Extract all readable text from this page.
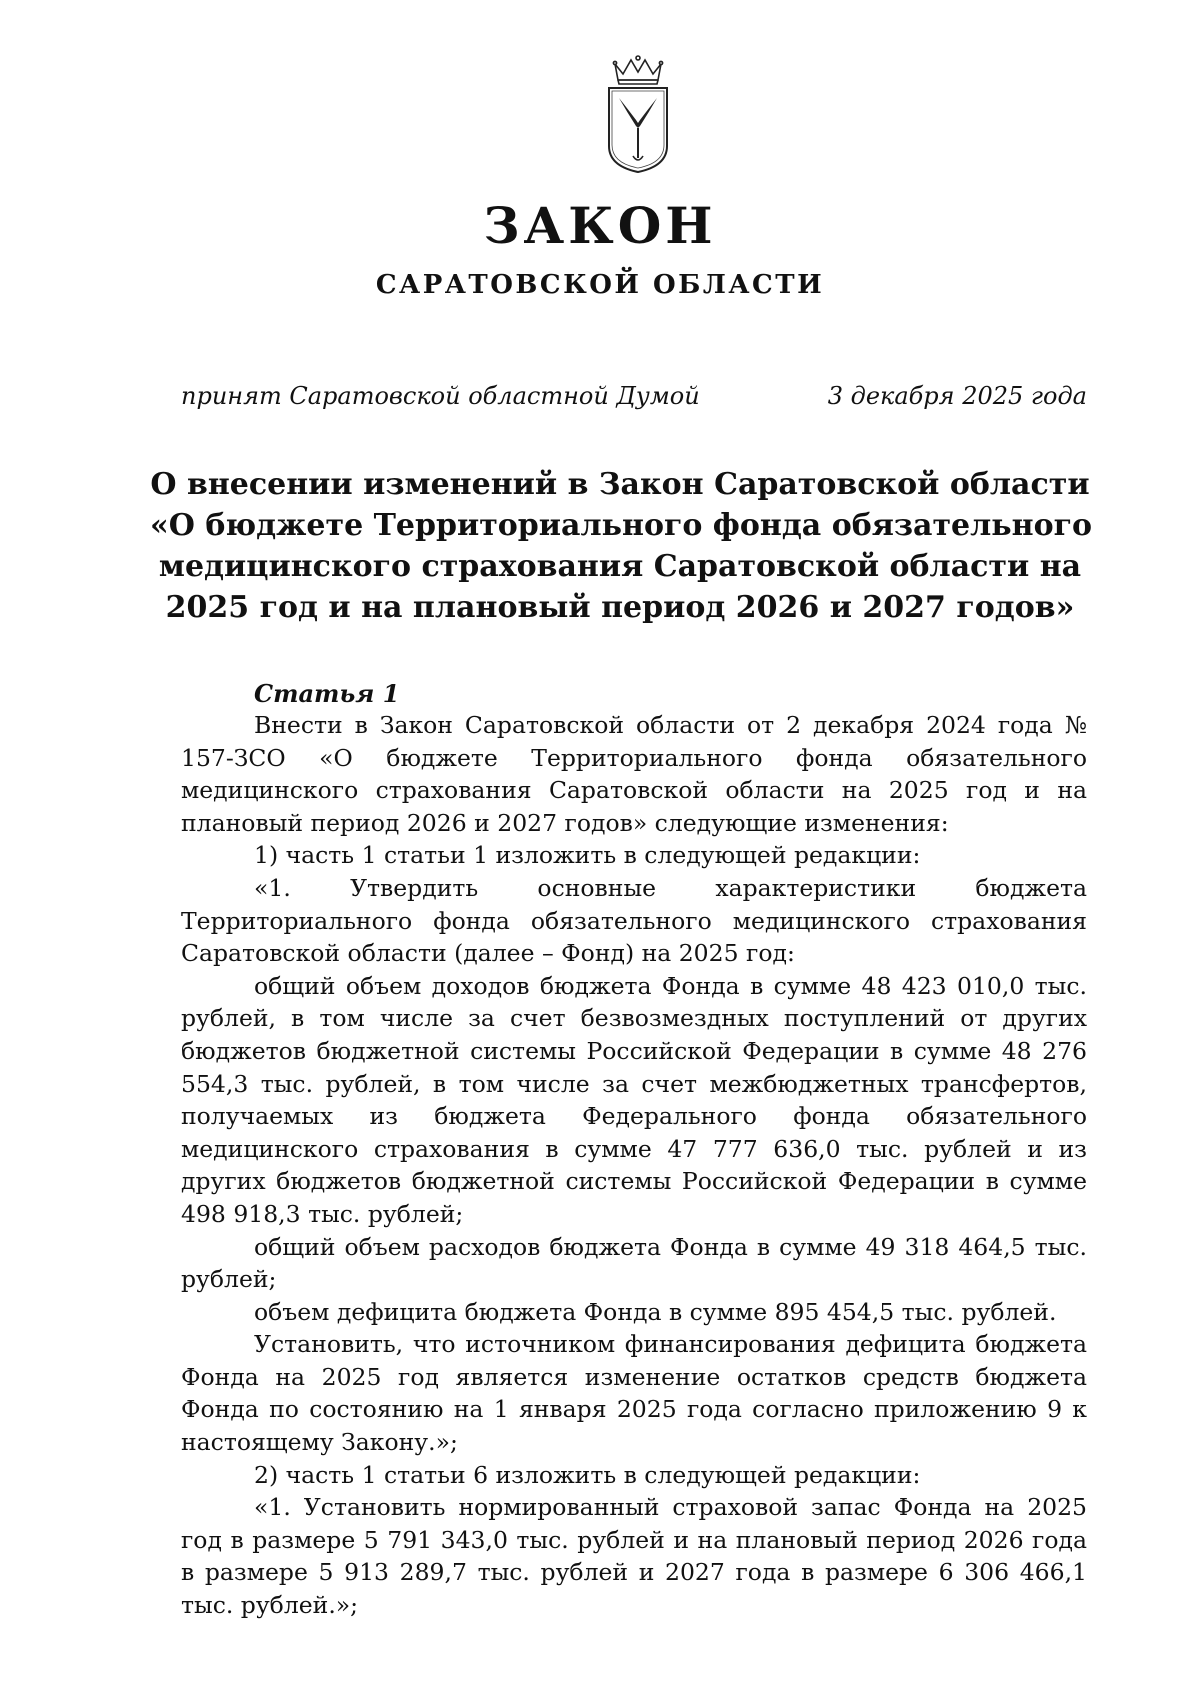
ЗАКОН
САРАТОВСКОЙ ОБЛАСТИ
принят Саратовской областной Думой	3 декабря 2025 года
О внесении изменений в Закон Саратовской области
«О бюджете Территориального фонда обязательного
медицинского страхования Саратовской области на
2025 год и на плановый период 2026 и 2027 годов»
Статья 1

Внести в Закон Саратовской области от 2 декабря 2024 года № 157-ЗСО «О бюджете Территориального фонда обязательного медицинского страхования Саратовской области на 2025 год и на плановый период 2026 и 2027 годов» следующие изменения:

1) часть 1 статьи 1 изложить в следующей редакции:

«1. Утвердить основные характеристики бюджета Территориального фонда обязательного медицинского страхования Саратовской области (далее – Фонд) на 2025 год:

общий объем доходов бюджета Фонда в сумме 48 423 010,0 тыс. рублей, в том числе за счет безвозмездных поступлений от других бюджетов бюджетной системы Российской Федерации в сумме 48 276 554,3 тыс. рублей, в том числе за счет межбюджетных трансфертов, получаемых из бюджета Федерального фонда обязательного медицинского страхования в сумме 47 777 636,0 тыс. рублей и из других бюджетов бюджетной системы Российской Федерации в сумме 498 918,3 тыс. рублей;

общий объем расходов бюджета Фонда в сумме 49 318 464,5 тыс. рублей;

объем дефицита бюджета Фонда в сумме 895 454,5 тыс. рублей.

Установить, что источником финансирования дефицита бюджета Фонда на 2025 год является изменение остатков средств бюджета Фонда по состоянию на 1 января 2025 года согласно приложению 9 к настоящему Закону.»;

2) часть 1 статьи 6 изложить в следующей редакции:

«1. Установить нормированный страховой запас Фонда на 2025 год в размере 5 791 343,0 тыс. рублей и на плановый период 2026 года в размере 5 913 289,7 тыс. рублей и 2027 года в размере 6 306 466,1 тыс. рублей.»;
